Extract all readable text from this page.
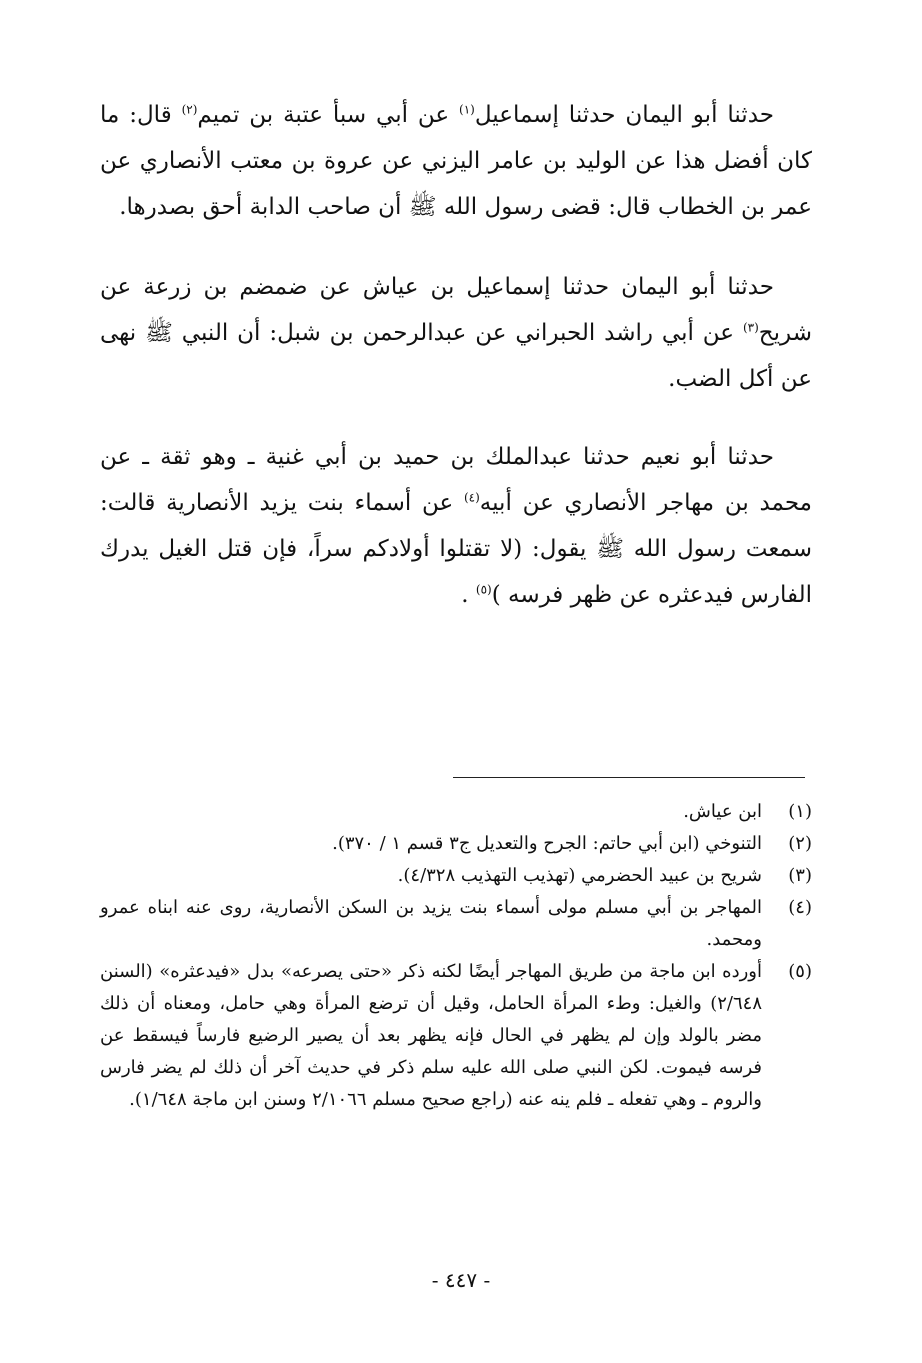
حدثنا أبو اليمان حدثنا إسماعيل$^{(١)}$ عن أبي سبأ عتبة بن تميم$^{(٢)}$ قال: ما كان أفضل هذا عن الوليد بن عامر اليزني عن عروة بن معتب الأنصاري عن عمر بن الخطاب قال: قضى رسول الله ﷺ أن صاحب الدابة أحق بصدرها.

حدثنا أبو اليمان حدثنا إسماعيل بن عياش عن ضمضم بن زرعة عن شريح$^{(٣)}$ عن أبي راشد الحبراني عن عبدالرحمن بن شبل: أن النبي ﷺ نهى عن أكل الضب.

حدثنا أبو نعيم حدثنا عبدالملك بن حميد بن أبي غنية ـ وهو ثقة ـ عن محمد بن مهاجر الأنصاري عن أبيه$^{(٤)}$ عن أسماء بنت يزيد الأنصارية قالت: سمعت رسول الله ﷺ يقول: (لا تقتلوا أولادكم سراً، فإن قتل الغيل يدرك الفارس فيدعثره عن ظهر فرسه )$^{(٥)}$ .

(١)
ابن عياش.
(٢)
التنوخي (ابن أبي حاتم: الجرح والتعديل ج٣ قسم ١ / ٣٧٠).
(٣)
شريح بن عبيد الحضرمي (تهذيب التهذيب ٤/٣٢٨).
(٤)
المهاجر بن أبي مسلم مولى أسماء بنت يزيد بن السكن الأنصارية، روى عنه ابناه عمرو ومحمد.
(٥)
أورده ابن ماجة من طريق المهاجر أيضًا لكنه ذكر «حتى يصرعه» بدل «فيدعثره» (السنن ٢/٦٤٨) والغيل: وطء المرأة الحامل، وقيل أن ترضع المرأة وهي حامل، ومعناه أن ذلك مضر بالولد وإن لم يظهر في الحال فإنه يظهر بعد أن يصير الرضيع فارساً فيسقط عن فرسه فيموت. لكن النبي صلى الله عليه سلم ذكر في حديث آخر أن ذلك لم يضر فارس والروم ـ وهي تفعله ـ فلم ينه عنه (راجع صحيح مسلم ٢/١٠٦٦ وسنن ابن ماجة ١/٦٤٨).
- ٤٤٧ -
